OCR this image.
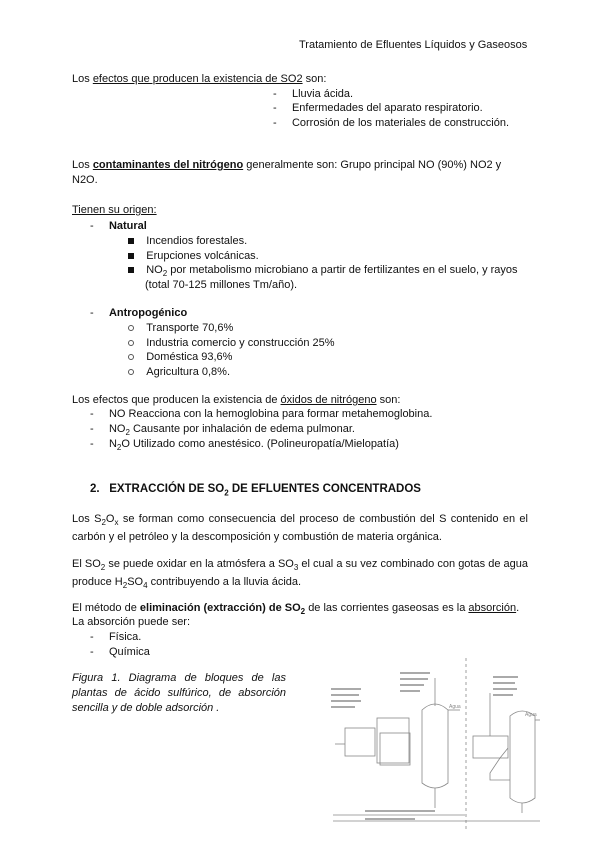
Tratamiento de Efluentes Líquidos y Gaseosos
Los efectos que producen la existencia de SO2 son:
-     Lluvia ácida.
-     Enfermedades del aparato respiratorio.
-     Corrosión de los materiales de construcción.
Los contaminantes del nitrógeno generalmente son: Grupo principal NO (90%) NO2 y
N2O.
Tienen su origen:
-     Natural
Incendios forestales.
Erupciones volcánicas.
$NO_2$ por metabolismo microbiano a partir de fertilizantes en el suelo, y rayos
(total 70-125 millones Tm/año).
-     Antropogénico
Transporte 70,6%
Industria comercio y construcción 25%
Doméstica 93,6%
Agricultura 0,8%.
Los efectos que producen la existencia de óxidos de nitrógeno son:
-     NO Reacciona con la hemoglobina para formar metahemoglobina.
-     $NO_2$ Causante por inhalación de edema pulmonar.
-     $N_2O$ Utilizado como anestésico. (Polineuropatía/Mielopatía)
2. EXTRACCIÓN DE $SO_2$ DE EFLUENTES CONCENTRADOS
Los $S_2O_x$ se forman como consecuencia del proceso de combustión del S contenido en el carbón y el petróleo y la descomposición y combustión de materia orgánica.
El $SO_2$ se puede oxidar en la atmósfera a $SO_3$ el cual a su vez combinado con gotas de agua produce $H_2SO_4$ contribuyendo a la lluvia ácida.
El método de eliminación (extracción) de $SO_2$ de las corrientes gaseosas es la absorción.
La absorción puede ser:
-     Física.
-     Química
Figura 1. Diagrama de bloques de las plantas de ácido sulfúrico, de absorción sencilla y de doble adsorción .	Agua
Agua
